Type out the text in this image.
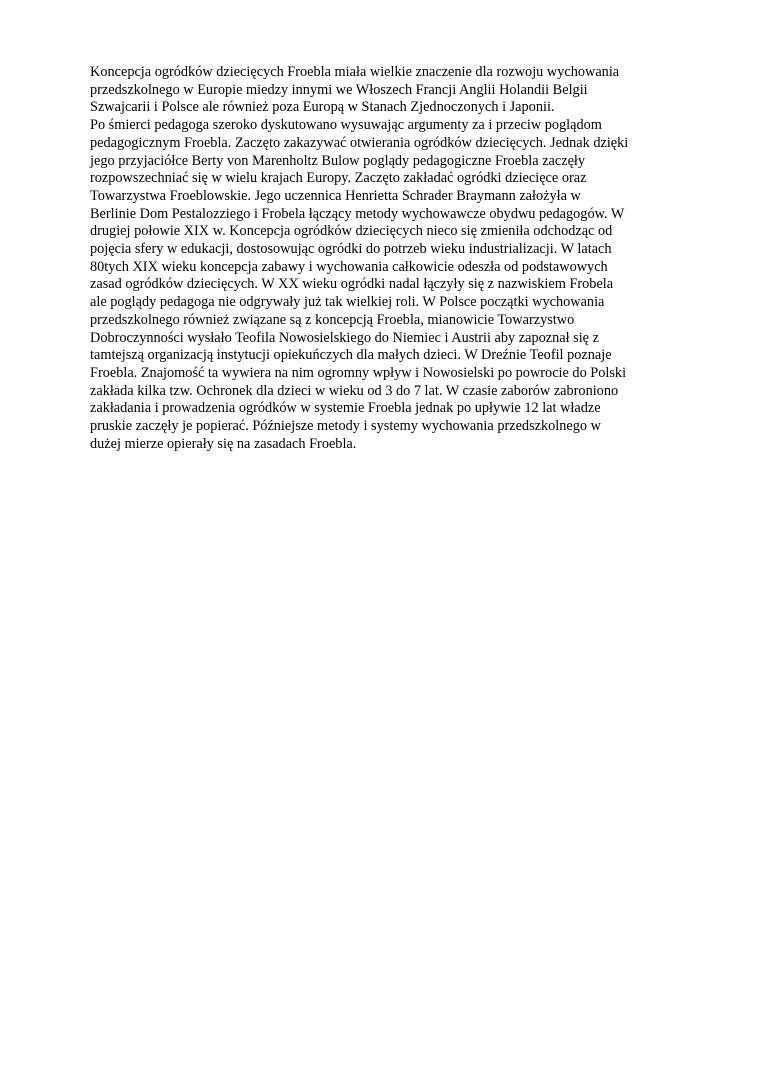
Koncepcja ogródków dziecięcych Froebla miała wielkie znaczenie dla rozwoju wychowania
przedszkolnego w Europie miedzy innymi we Włoszech Francji Anglii Holandii Belgii
Szwajcarii i Polsce ale również poza Europą w Stanach Zjednoczonych i Japonii.
Po śmierci pedagoga szeroko dyskutowano wysuwając argumenty za i przeciw poglądom
pedagogicznym Froebla. Zaczęto zakazywać otwierania ogródków dziecięcych. Jednak dzięki
jego przyjaciółce Berty von Marenholtz Bulow poglądy pedagogiczne Froebla zaczęły
rozpowszechniać się w wielu krajach Europy. Zaczęto zakładać ogródki dziecięce oraz
Towarzystwa Froeblowskie. Jego uczennica Henrietta Schrader Braymann założyła w
Berlinie Dom Pestalozziego i Frobela łączący metody wychowawcze obydwu pedagogów. W
drugiej połowie XIX w. Koncepcja ogródków dziecięcych nieco się zmieniła odchodząc od
pojęcia sfery w edukacji, dostosowując ogródki do potrzeb wieku industrializacji. W latach
80tych XIX wieku koncepcja zabawy i wychowania całkowicie odeszła od podstawowych
zasad ogródków dziecięcych. W XX wieku ogródki nadal łączyły się z nazwiskiem Frobela
ale poglądy pedagoga nie odgrywały już tak wielkiej roli. W Polsce początki wychowania
przedszkolnego również związane są z koncepcją Froebla, mianowicie Towarzystwo
Dobroczynności wysłało Teofila Nowosielskiego do Niemiec i Austrii aby zapoznał się z
tamtejszą organizacją instytucji opiekuńczych dla małych dzieci. W Dreźnie Teofil poznaje
Froebla. Znajomość ta wywiera na nim ogromny wpływ i Nowosielski po powrocie do Polski
zakłada kilka tzw. Ochronek dla dzieci w wieku od 3 do 7 lat. W czasie zaborów zabroniono
zakładania i prowadzenia ogródków w systemie Froebla jednak po upływie 12 lat władze
pruskie zaczęły je popierać. Późniejsze metody i systemy wychowania przedszkolnego w
dużej mierze opierały się na zasadach Froebla.
